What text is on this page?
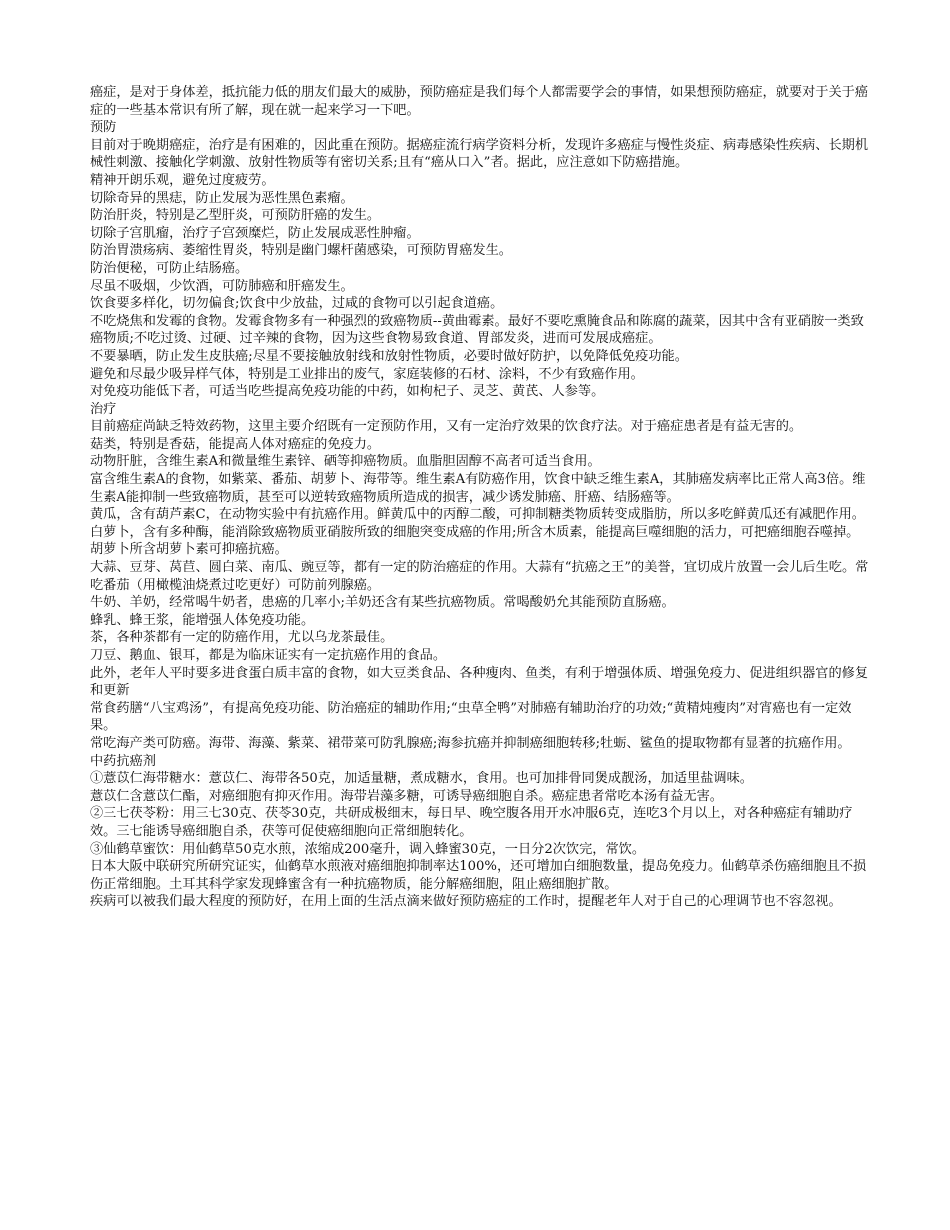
癌症，是对于身体差，抵抗能力低的朋友们最大的威胁，预防癌症是我们每个人都需要学会的事情，如果想预防癌症，就要对于关于癌症的一些基本常识有所了解，现在就一起来学习一下吧。

预防

目前对于晚期癌症，治疗是有困难的，因此重在预防。据癌症流行病学资料分析，发现许多癌症与慢性炎症、病毒感染性疾病、长期机械性刺激、接触化学刺激、放射性物质等有密切关系;且有“癌从口入”者。据此，应注意如下防癌措施。

精神开朗乐观，避免过度疲劳。

切除奇异的黑痣，防止发展为恶性黑色素瘤。

防治肝炎，特别是乙型肝炎，可预防肝癌的发生。

切除子宫肌瘤，治疗子宫颈糜烂，防止发展成恶性肿瘤。

防治胃溃疡病、萎缩性胃炎，特别是幽门螺杆菌感染，可预防胃癌发生。

防治便秘，可防止结肠癌。

尽虽不吸烟，少饮酒，可防肺癌和肝癌发生。

饮食要多样化，切勿偏食;饮食中少放盐，过咸的食物可以引起食道癌。

不吃烧焦和发霉的食物。发霉食物多有一种强烈的致癌物质--黄曲霉素。最好不要吃熏腌食品和陈腐的蔬菜，因其中含有亚硝胺一类致癌物质;不吃过烫、过硬、过辛辣的食物，因为这些食物易致食道、胃部发炎，进而可发展成癌症。

不要暴晒，防止发生皮肤癌;尽星不要接触放射线和放射性物质，必要时做好防护，以免降低免疫功能。

避免和尽最少吸异样气体，特别是工业排出的废气，家庭装修的石材、涂料，不少有致癌作用。

对免疫功能低下者，可适当吃些提高免疫功能的中药，如枸杞子、灵芝、黄芪、人参等。

治疗

目前癌症尚缺乏特效药物，这里主要介绍既有一定预防作用，又有一定治疗效果的饮食疗法。对于癌症患者是有益无害的。

菇类，特别是香菇，能提高人体对癌症的免疫力。

动物肝脏，含维生素A和微量维生素锌、硒等抑癌物质。血脂胆固醇不高者可适当食用。

富含维生素A的食物，如紫菜、番茄、胡萝卜、海带等。维生素A有防癌作用，饮食中缺乏维生素A，其肺癌发病率比正常人高3倍。维生素A能抑制一些致癌物质，甚至可以逆转致癌物质所造成的损害，减少诱发肺癌、肝癌、结肠癌等。

黄瓜，含有葫芦素C，在动物实验中有抗癌作用。鲜黄瓜中的丙醇二酸，可抑制糖类物质转变成脂肪，所以多吃鲜黄瓜还有减肥作用。

白萝卜，含有多种酶，能消除致癌物质亚硝胺所致的细胞突变成癌的作用;所含木质素，能提高巨噬细胞的活力，可把癌细胞吞噬掉。胡萝卜所含胡萝卜素可抑癌抗癌。

大蒜、豆芽、莴苣、圆白菜、南瓜、豌豆等，都有一定的防治癌症的作用。大蒜有“抗癌之王”的美誉，宜切成片放置一会儿后生吃。常吃番茄（用橄榄油烧煮过吃更好）可防前列腺癌。

牛奶、羊奶，经常喝牛奶者，患癌的几率小;羊奶还含有某些抗癌物质。常喝酸奶允其能预防直肠癌。

蜂乳、蜂王浆，能增强人体免疫功能。

茶，各种茶都有一定的防癌作用，尤以乌龙茶最佳。

刀豆、鹅血、银耳，都是为临床证实有一定抗癌作用的食品。

此外，老年人平时要多进食蛋白质丰富的食物，如大豆类食品、各种瘦肉、鱼类，有利于增强体质、增强免疫力、促进组织器官的修复和更新

常食药膳“八宝鸡汤”，有提高免疫功能、防治癌症的辅助作用;“虫草全鸭”对肺癌有辅助治疗的功效;“黄精炖瘦肉”对宵癌也有一定效果。

常吃海产类可防癌。海带、海藻、紫菜、裙带菜可防乳腺癌;海参抗癌并抑制癌细胞转移;牡蛎、鲨鱼的提取物都有显著的抗癌作用。

中药抗癌剂

①薏苡仁海带糖水：薏苡仁、海带各50克，加适量糖，煮成糖水，食用。也可加排骨同煲成靓汤，加适里盐调味。

薏苡仁含薏苡仁酯，对癌细胞有抑灭作用。海带岩藻多糖，可诱导癌细胞自杀。癌症患者常吃本汤有益无害。

②三七茯苓粉：用三七30克、茯苓30克，共研成极细末，每日早、晚空腹各用开水冲服6克，连吃3个月以上，对各种癌症有辅助疗效。三七能诱导癌细胞自杀，茯等可促使癌细胞向正常细胞转化。

③仙鹤草蜜饮：用仙鹤草50克水煎，浓缩成200毫升，调入蜂蜜30克，一日分2次饮完，常饮。

日本大阪中联研究所研究证实，仙鹤草水煎液对癌细胞抑制率达100%，还可增加白细胞数量，提岛免疫力。仙鹤草杀伤癌细胞且不损伤正常细胞。土耳其科学家发现蜂蜜含有一种抗癌物质，能分解癌细胞，阻止癌细胞扩散。

疾病可以被我们最大程度的预防好，在用上面的生活点滴来做好预防癌症的工作时，提醒老年人对于自己的心理调节也不容忽视。
